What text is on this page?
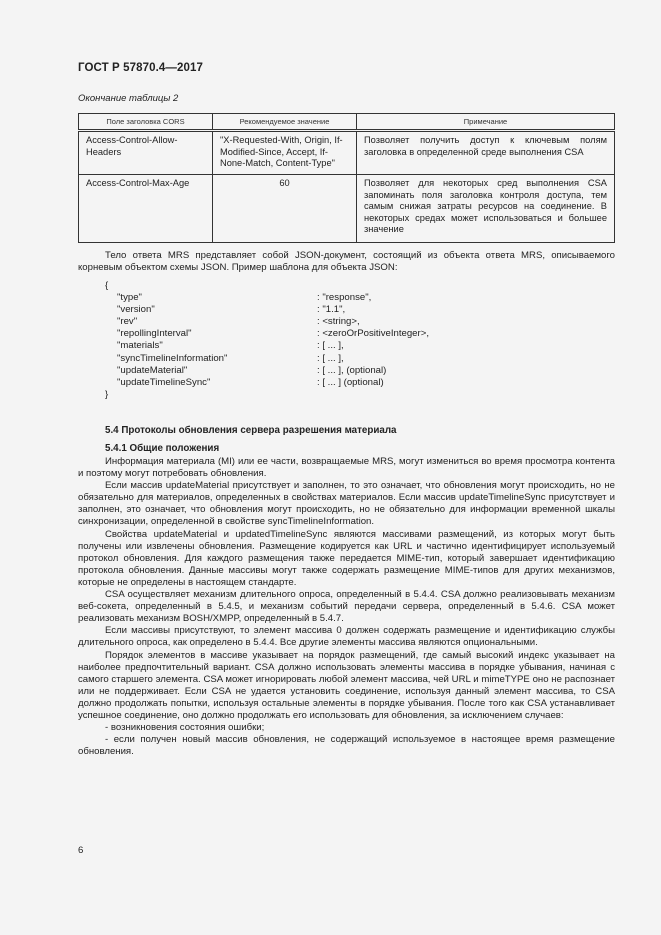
ГОСТ Р 57870.4—2017
Окончание таблицы 2
Поле заголовка CORS	Рекомендуемое значение	Примечание
Access-Control-Allow-Headers	"X-Requested-With, Origin, If-Modified-Since, Accept, If-None-Match, Content-Type"	Позволяет получить доступ к ключевым полям заголовка в определенной среде выполнения CSA
Access-Control-Max-Age	60	Позволяет для некоторых сред выполнения CSA запоминать поля заголовка контроля доступа, тем самым снижая затраты ресурсов на соединение. В некоторых средах может использоваться и большее значение

Тело ответа MRS представляет собой JSON-документ, состоящий из объекта ответа MRS, описываемого корневым объектом схемы JSON. Пример шаблона для объекта JSON:

{
"type"	: "response",
"version"	: "1.1",
"rev"	: <string>,
"repollingInterval"	: <zeroOrPositiveInteger>,
"materials"	: [ ... ],
"syncTimelineInformation"	: [ ... ],
"updateMaterial"	: [ ... ], (optional)
"updateTimelineSync"	: [ ... ] (optional)
}
5.4 Протоколы обновления сервера разрешения материала
5.4.1 Общие положения

Информация материала (MI) или ее части, возвращаемые MRS, могут измениться во время просмотра контента и поэтому могут потребовать обновления.

Если массив updateMaterial присутствует и заполнен, то это означает, что обновления могут происходить, но не обязательно для материалов, определенных в свойствах материалов. Если массив updateTimelineSync присутствует и заполнен, это означает, что обновления могут происходить, но не обязательно для информации временной шкалы синхронизации, определенной в свойстве syncTimelineInformation.

Свойства updateMaterial и updatedTimelineSync являются массивами размещений, из которых могут быть получены или извлечены обновления. Размещение кодируется как URL и частично идентифицирует используемый протокол обновления. Для каждого размещения также передается MIME-тип, который завершает идентификацию протокола обновления. Данные массивы могут также содержать размещение MIME-типов для других механизмов, которые не определены в настоящем стандарте.

CSA осуществляет механизм длительного опроса, определенный в 5.4.4. CSA должно реализовывать механизм веб-сокета, определенный в 5.4.5, и механизм событий передачи сервера, определенный в 5.4.6. CSA может реализовать механизм BOSH/XMPP, определенный в 5.4.7.

Если массивы присутствуют, то элемент массива 0 должен содержать размещение и идентификацию службы длительного опроса, как определено в 5.4.4. Все другие элементы массива являются опциональными.

Порядок элементов в массиве указывает на порядок размещений, где самый высокий индекс указывает на наиболее предпочтительный вариант. CSA должно использовать элементы массива в порядке убывания, начиная с самого старшего элемента. CSA может игнорировать любой элемент массива, чей URL и mimeTYPE оно не распознает или не поддерживает. Если CSA не удается установить соединение, используя данный элемент массива, то CSA должно продолжать попытки, используя остальные элементы в порядке убывания. После того как CSA устанавливает успешное соединение, оно должно продолжать его использовать для обновления, за исключением случаев:

- возникновения состояния ошибки;

- если получен новый массив обновления, не содержащий используемое в настоящее время размещение обновления.

6
